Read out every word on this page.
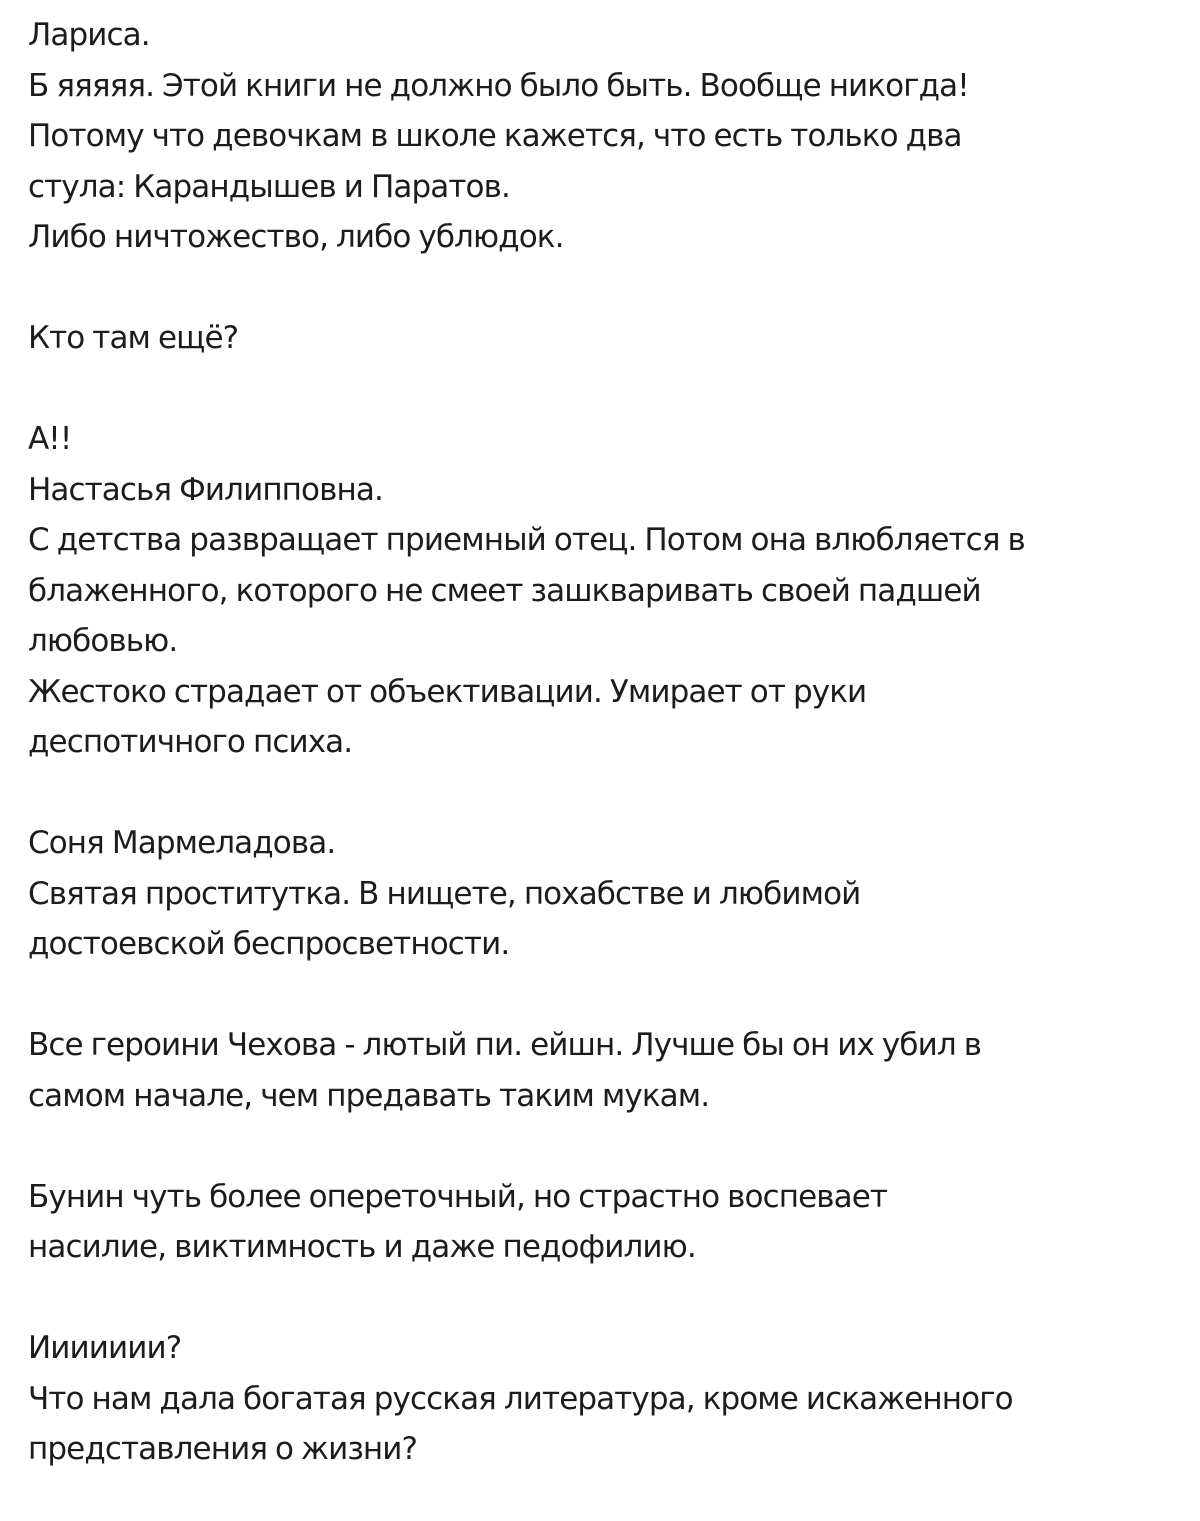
Лариса.
Б яяяяя. Этой книги не должно было быть. Вообще никогда!
Потому что девочкам в школе кажется, что есть только два
стула: Карандышев и Паратов.
Либо ничтожество, либо ублюдок.
Кто там ещё?
А!!
Настасья Филипповна.
С детства развращает приемный отец. Потом она влюбляется в
блаженного, которого не смеет зашкваривать своей падшей
любовью.
Жестоко страдает от объективации. Умирает от руки
деспотичного психа.
Соня Мармеладова.
Святая проститутка. В нищете, похабстве и любимой
достоевской беспросветности.
Все героини Чехова - лютый пи. ейшн. Лучше бы он их убил в
самом начале, чем предавать таким мукам.
Бунин чуть более опереточный, но страстно воспевает
насилие, виктимность и даже педофилию.
Иииииии?
Что нам дала богатая русская литература, кроме искаженного
представления о жизни?
